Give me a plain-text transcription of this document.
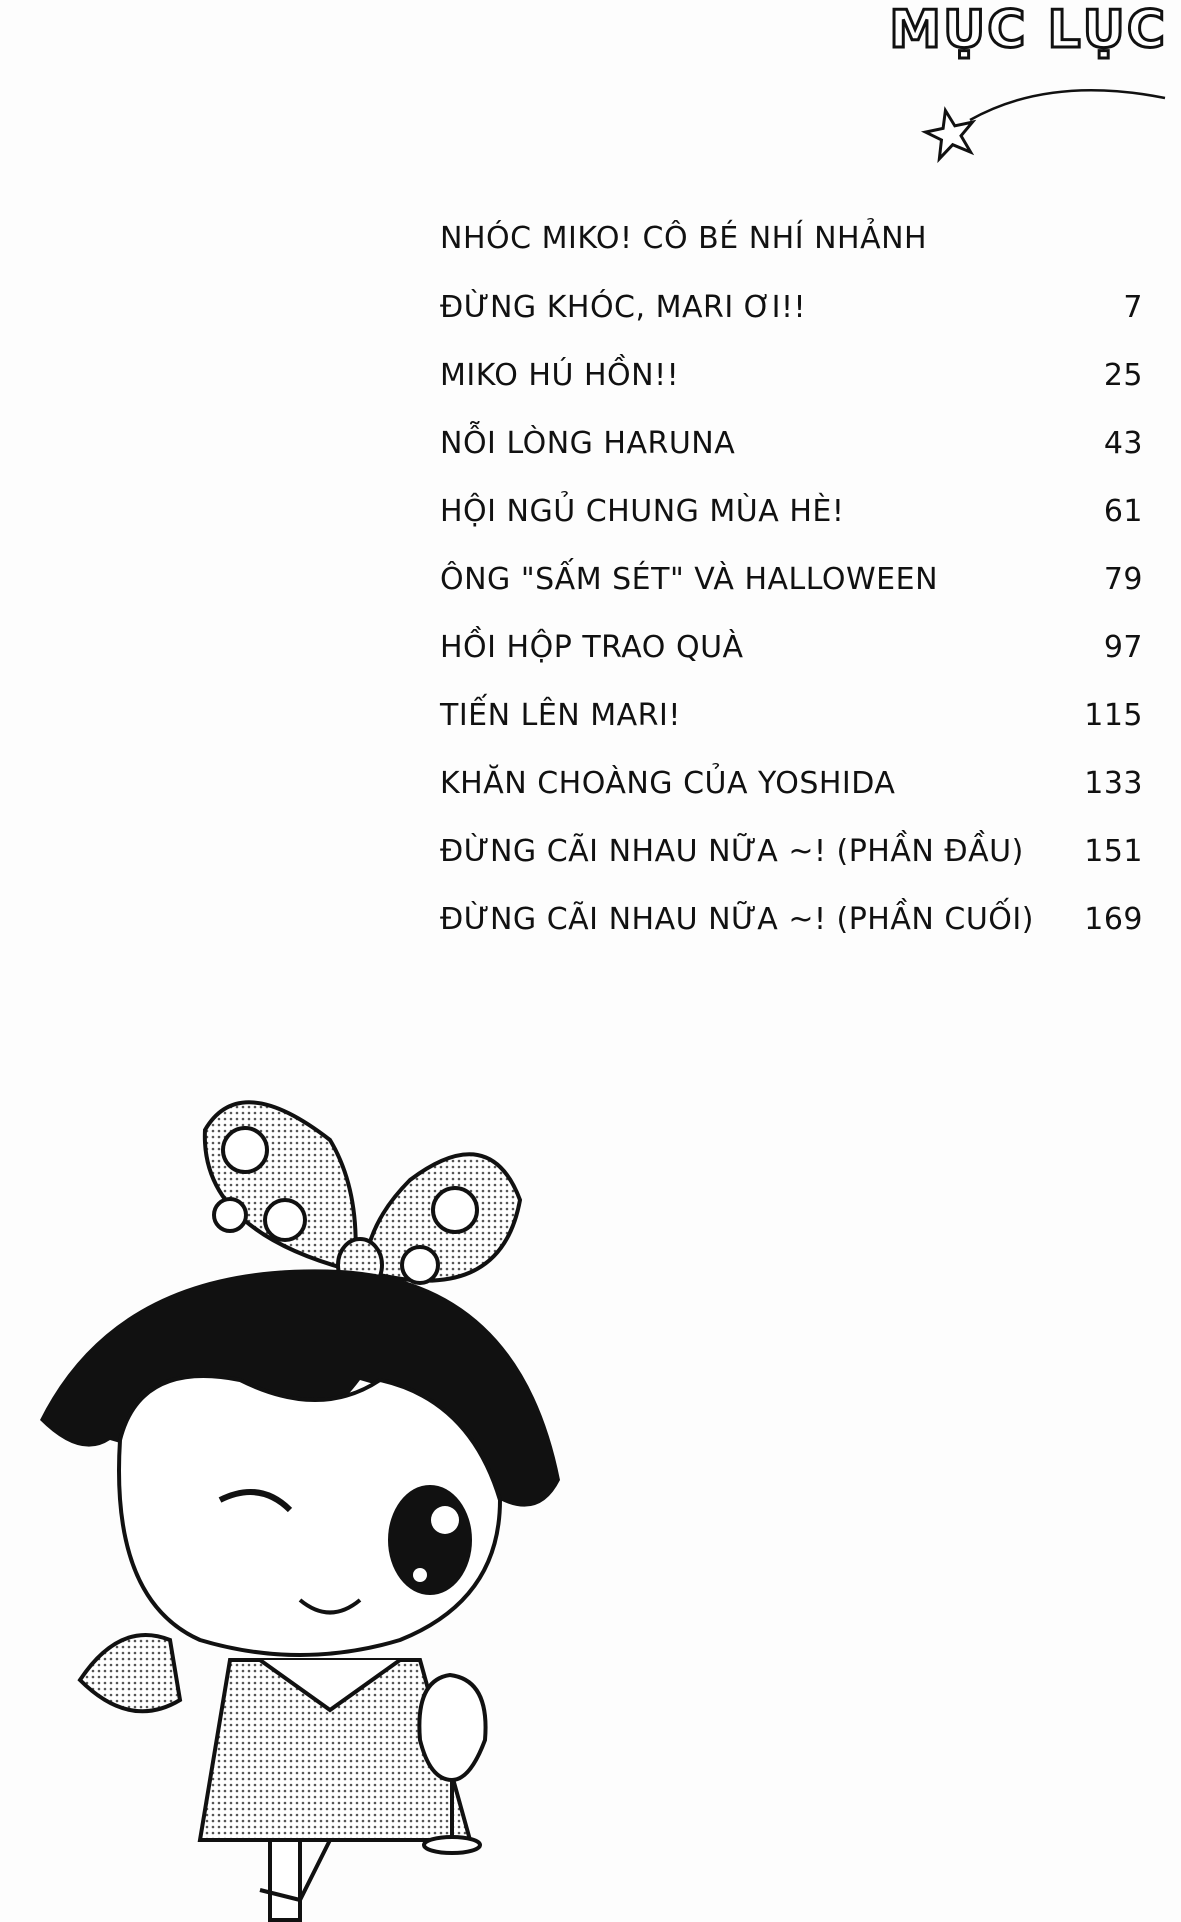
MỤC LỤC
NHÓC MIKO! CÔ BÉ NHÍ NHẢNH
ĐỪNG KHÓC, MARI ƠI!!	7
MIKO HÚ HỒN!!	25
NỖI LÒNG HARUNA	43
HỘI NGỦ CHUNG MÙA HÈ!	61
ÔNG "SẤM SÉT" VÀ HALLOWEEN	79
HỒI HỘP TRAO QUÀ	97
TIẾN LÊN MARI!	115
KHĂN CHOÀNG CỦA YOSHIDA	133
ĐỪNG CÃI NHAU NỮA ~! (PHẦN ĐẦU) 151
ĐỪNG CÃI NHAU NỮA ~! (PHẦN CUỐI) 169
